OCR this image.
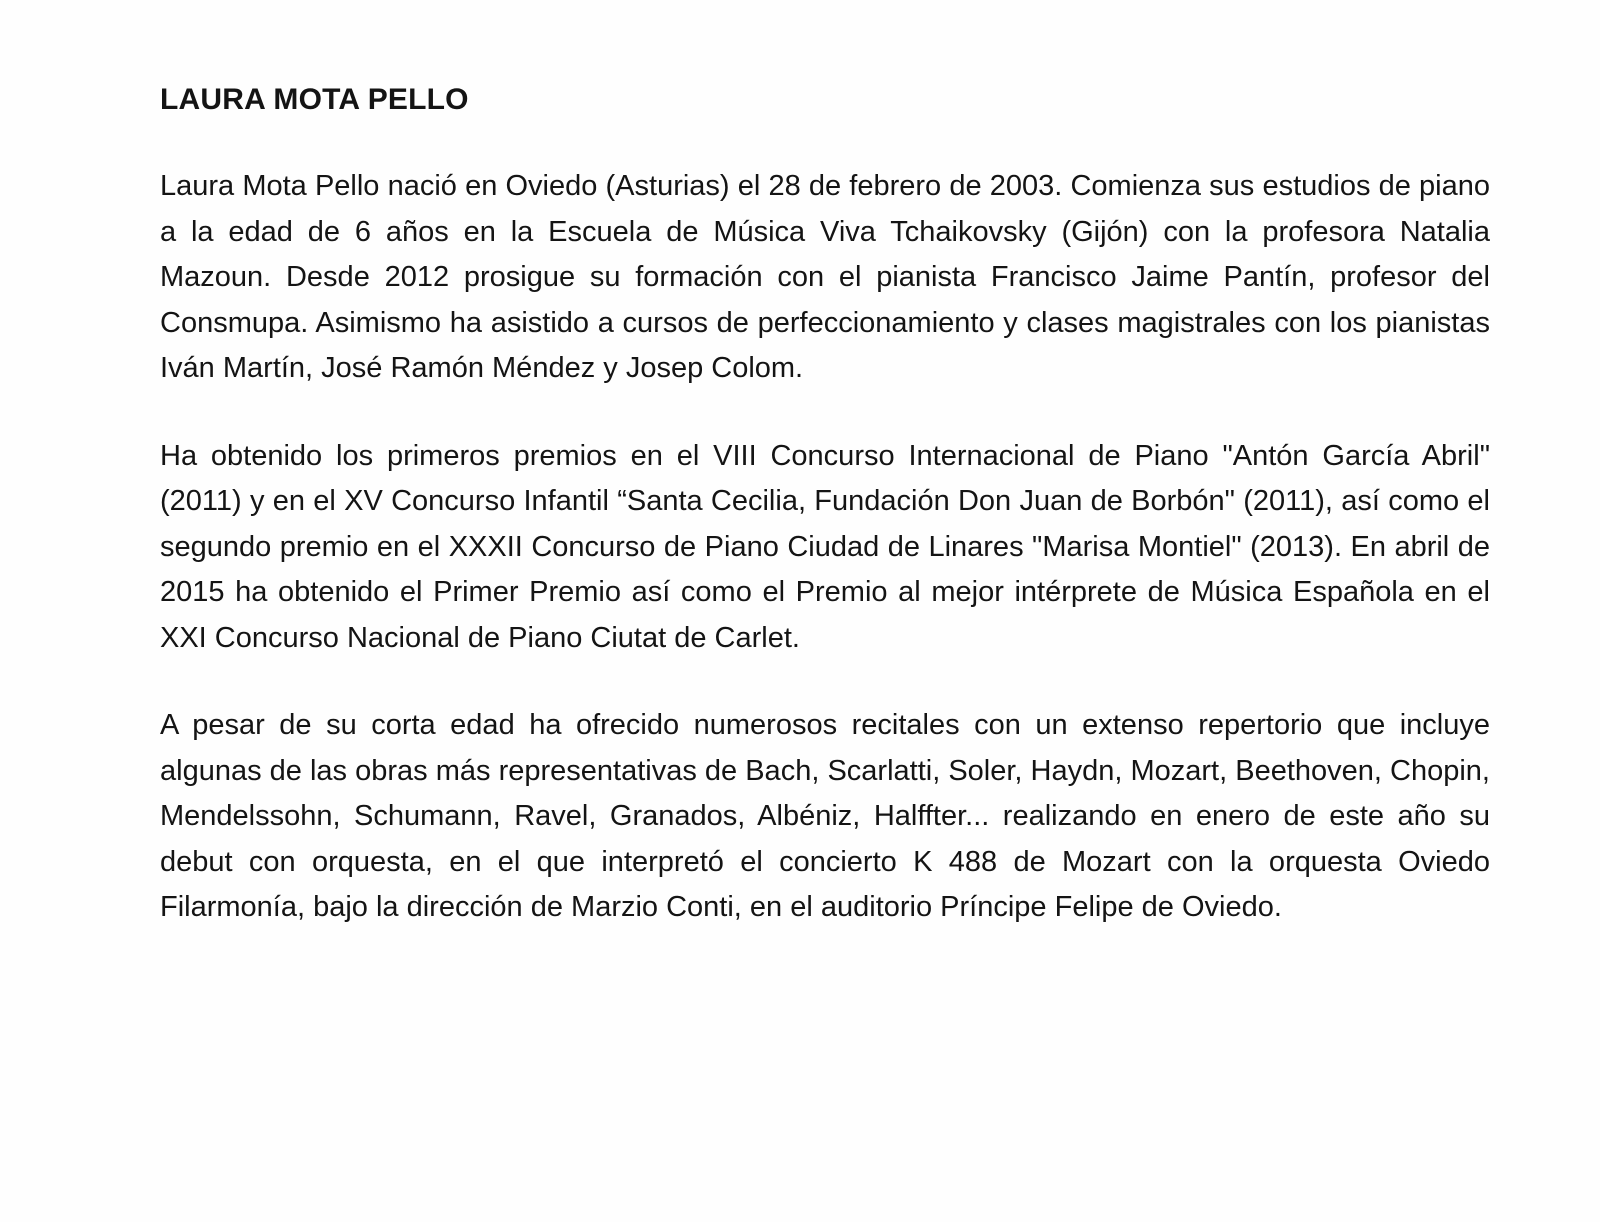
LAURA MOTA PELLO

Laura Mota Pello nació en Oviedo (Asturias) el 28 de febrero de 2003. Comienza sus estudios de piano a la edad de 6 años en la Escuela de Música Viva Tchaikovsky (Gijón) con la profesora Natalia Mazoun. Desde 2012 prosigue su formación con el pianista Francisco Jaime Pantín, profesor del Consmupa. Asimismo ha asistido a cursos de perfeccionamiento y clases magistrales con los pianistas Iván Martín, José Ramón Méndez y Josep Colom.

Ha obtenido los primeros premios en el VIII Concurso Internacional de Piano "Antón García Abril" (2011) y en el XV Concurso Infantil “Santa Cecilia, Fundación Don Juan de Borbón" (2011), así como el segundo premio en el XXXII Concurso de Piano Ciudad de Linares "Marisa Montiel" (2013). En abril de 2015 ha obtenido el Primer Premio así como el Premio al mejor intérprete de Música Española en el XXI Concurso Nacional de Piano Ciutat de Carlet.

A pesar de su corta edad ha ofrecido numerosos recitales con un extenso repertorio que incluye algunas de las obras más representativas de Bach, Scarlatti, Soler, Haydn, Mozart, Beethoven, Chopin, Mendelssohn, Schumann, Ravel, Granados, Albéniz, Halffter... realizando en enero de este año su debut con orquesta, en el que interpretó el concierto K 488 de Mozart con la orquesta Oviedo Filarmonía, bajo la dirección de Marzio Conti, en el auditorio Príncipe Felipe de Oviedo.
